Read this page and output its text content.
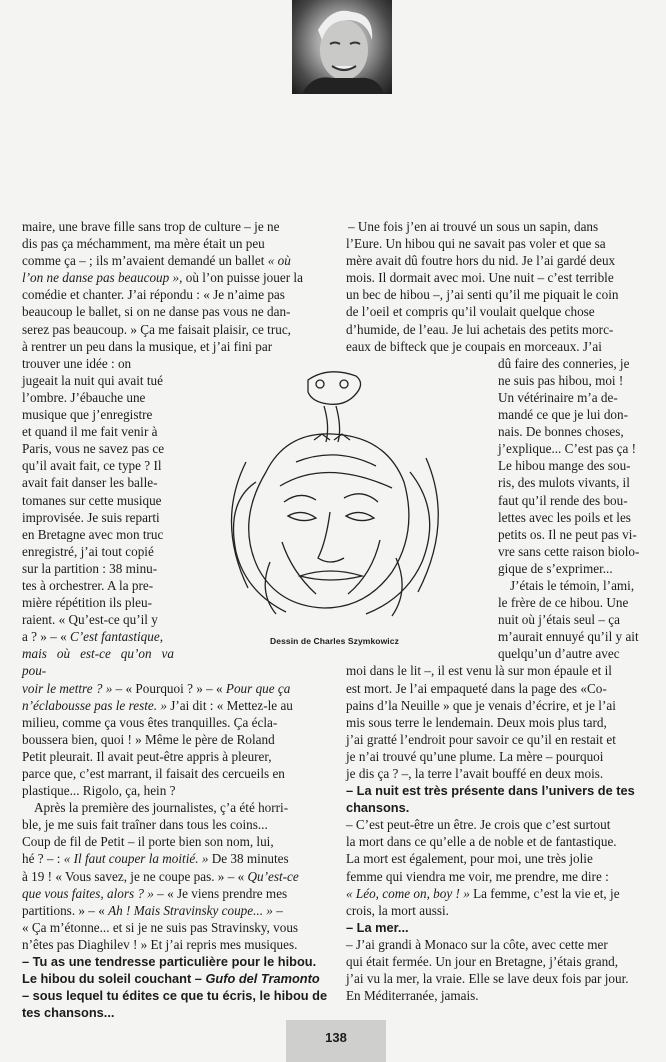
maire, une brave fille sans trop de culture – je ne

dis pas ça méchamment, ma mère était un peu

comme ça – ; ils m’avaient demandé un ballet « où

l’on ne danse pas beaucoup », où l’on puisse jouer la

comédie et chanter. J’ai répondu : « Je n’aime pas

beaucoup le ballet, si on ne danse pas vous ne dan-

serez pas beaucoup. » Ça me faisait plaisir, ce truc,

à rentrer un peu dans la musique, et j’ai fini par

trouver une idée : on

jugeait la nuit qui avait tué

l’ombre. J’ébauche une

musique que j’enregistre

et quand il me fait venir à

Paris, vous ne savez pas ce

qu’il avait fait, ce type ? Il

avait fait danser les balle-

tomanes sur cette musique

improvisée. Je suis reparti

en Bretagne avec mon truc

enregistré, j’ai tout copié

sur la partition : 38 minu-

tes à orchestrer. A la pre-

mière répétition ils pleu-

raient. « Qu’est-ce qu’il y

a ? » – « C’est fantastique,

mais où est-ce qu’on va pou-

voir le mettre ? » – « Pourquoi ? » – « Pour que ça

n’éclabousse pas le reste. » J’ai dit : « Mettez-le au

milieu, comme ça vous êtes tranquilles. Ça écla-

boussera bien, quoi ! » Même le père de Roland

Petit pleurait. Il avait peut-être appris à pleurer,

parce que, c’est marrant, il faisait des cercueils en

plastique... Rigolo, ça, hein ?

Après la première des journalistes, ç’a été horri-

ble, je me suis fait traîner dans tous les coins...

Coup de fil de Petit – il porte bien son nom, lui,

hé ? – : « Il faut couper la moitié. » De 38 minutes

à 19 ! « Vous savez, je ne coupe pas. » – « Qu’est-ce

que vous faites, alors ? » – « Je viens prendre mes

partitions. » – « Ah ! Mais Stravinsky coupe... » –

« Ça m’étonne... et si je ne suis pas Stravinsky, vous

n’êtes pas Diaghilev ! » Et j’ai repris mes musiques.

– Tu as une tendresse particulière pour le hibou.

Le hibou du soleil couchant – Gufo del Tramonto

– sous lequel tu édites ce que tu écris, le hibou de

tes chansons...

– Une fois j’en ai trouvé un sous un sapin, dans

l’Eure. Un hibou qui ne savait pas voler et que sa

mère avait dû foutre hors du nid. Je l’ai gardé deux

mois. Il dormait avec moi. Une nuit – c’est terrible

un bec de hibou –, j’ai senti qu’il me piquait le coin

de l’oeil et compris qu’il voulait quelque chose

d’humide, de l’eau. Je lui achetais des petits morc-

eaux de bifteck que je coupais en morceaux. J’ai

dû faire des conneries, je

ne suis pas hibou, moi !

Un vétérinaire m’a de-

mandé ce que je lui don-

nais. De bonnes choses,

j’explique... C’est pas ça !

Le hibou mange des sou-

ris, des mulots vivants, il

faut qu’il rende des bou-

lettes avec les poils et les

petits os. Il ne peut pas vi-

vre sans cette raison biolo-

gique de s’exprimer...

J’étais le témoin, l’ami,

le frère de ce hibou. Une

nuit où j’étais seul – ça

m’aurait ennuyé qu’il y ait

quelqu’un d’autre avec

moi dans le lit –, il est venu là sur mon épaule et il

est mort. Je l’ai empaqueté dans la page des «Co-

pains d’la Neuille » que je venais d’écrire, et je l’ai

mis sous terre le lendemain. Deux mois plus tard,

j’ai gratté l’endroit pour savoir ce qu’il en restait et

je n’ai trouvé qu’une plume. La mère – pourquoi

je dis ça ? –, la terre l’avait bouffé en deux mois.

– La nuit est très présente dans l’univers de tes

chansons.

– C’est peut-être un être. Je crois que c’est surtout

la mort dans ce qu’elle a de noble et de fantastique.

La mort est également, pour moi, une très jolie

femme qui viendra me voir, me prendre, me dire :

« Léo, come on, boy ! » La femme, c’est la vie et, je

crois, la mort aussi.

– La mer...

– J’ai grandi à Monaco sur la côte, avec cette mer

qui était fermée. Un jour en Bretagne, j’étais grand,

j’ai vu la mer, la vraie. Elle se lave deux fois par jour.

En Méditerranée, jamais.

Dessin de Charles Szymkowicz
138
